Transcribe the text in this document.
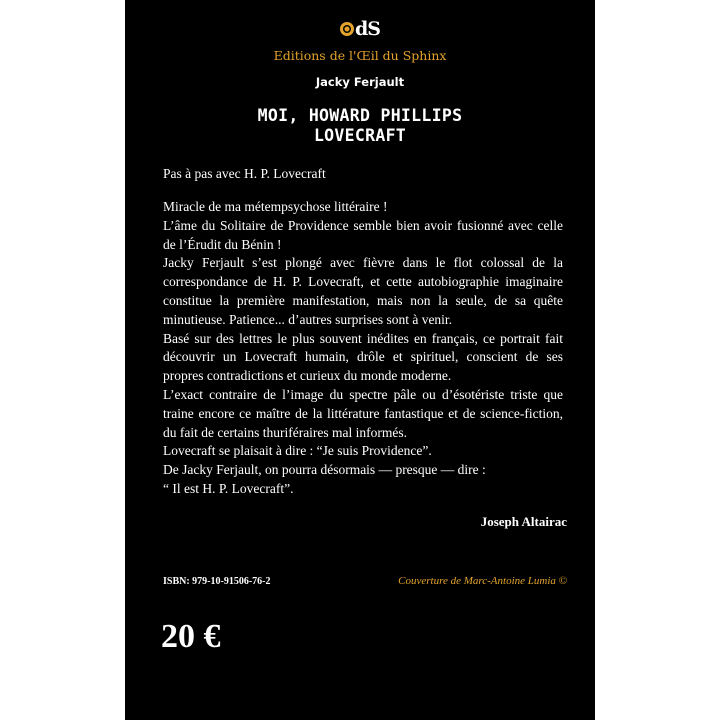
dS
Editions de l'Œil du Sphinx
Jacky Ferjault
MOI, HOWARD PHILLIPS
LOVECRAFT
Pas à pas avec H. P. Lovecraft

Miracle de ma métempsychose littéraire !

L’âme du Solitaire de Providence semble bien avoir fusionné avec celle de l’Érudit du Bénin !

Jacky Ferjault s’est plongé avec fièvre dans le flot colossal de la correspondance de H. P. Lovecraft, et cette autobiographie imaginaire constitue la première manifestation, mais non la seule, de sa quête minutieuse. Patience... d’autres surprises sont à venir.

Basé sur des lettres le plus souvent inédites en français, ce portrait fait découvrir un Lovecraft humain, drôle et spirituel, conscient de ses propres contradictions et curieux du monde moderne.

L’exact contraire de l’image du spectre pâle ou d’ésotériste triste que traine encore ce maître de la littérature fantastique et de science-fiction, du fait de certains thuriféraires mal informés.

Lovecraft se plaisait à dire : “Je suis Providence”.

De Jacky Ferjault, on pourra désormais — presque — dire :

“ Il est H. P. Lovecraft”.

Joseph Altairac
ISBN: 979-10-91506-76-2	Couverture de Marc-Antoine Lumia ©
20 €
